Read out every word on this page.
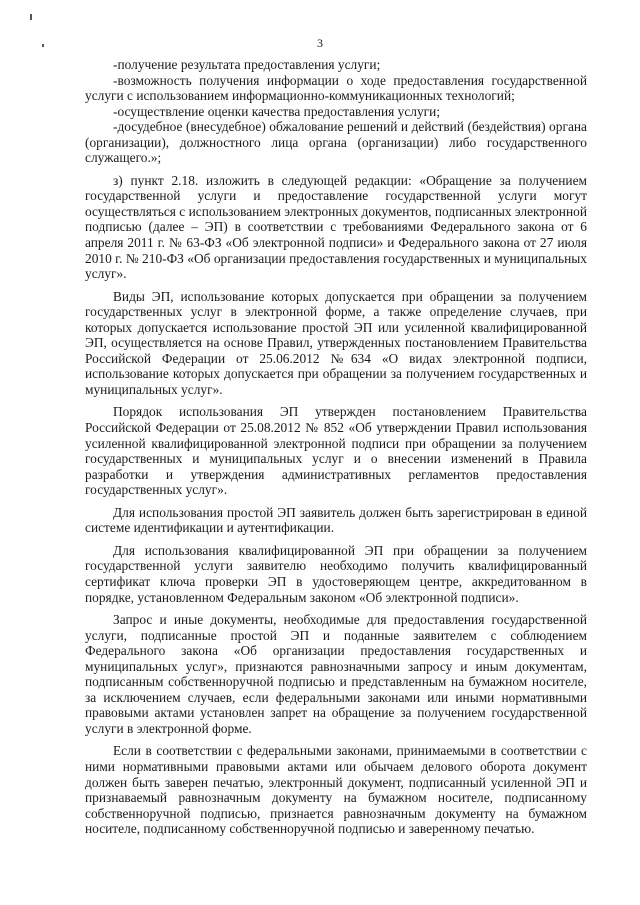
3

-получение результата предоставления услуги;

-возможность получения информации о ходе предоставления государственной услуги с использованием информационно-коммуникационных технологий;

-осуществление оценки качества предоставления услуги;

-досудебное (внесудебное) обжалование решений и действий (бездействия) органа (организации), должностного лица органа (организации) либо государственного служащего.»;

з) пункт 2.18. изложить в следующей редакции: «Обращение за получением государственной услуги и предоставление государственной услуги могут осуществляться с использованием электронных документов, подписанных электронной подписью (далее – ЭП) в соответствии с требованиями Федерального закона от 6 апреля 2011 г. № 63-ФЗ «Об электронной подписи» и Федерального закона от 27 июля 2010 г. № 210-ФЗ «Об организации предоставления государственных и муниципальных услуг».

Виды ЭП, использование которых допускается при обращении за получением государственных услуг в электронной форме, а также определение случаев, при которых допускается использование простой ЭП или усиленной квалифицированной ЭП, осуществляется на основе Правил, утвержденных постановлением Правительства Российской Федерации от 25.06.2012 №634 «О видах электронной подписи, использование которых допускается при обращении за получением государственных и муниципальных услуг».

Порядок использования ЭП утвержден постановлением Правительства Российской Федерации от 25.08.2012 № 852 «Об утверждении Правил использования усиленной квалифицированной электронной подписи при обращении за получением государственных и муниципальных услуг и о внесении изменений в Правила разработки и утверждения административных регламентов предоставления государственных услуг».

Для использования простой ЭП заявитель должен быть зарегистрирован в единой системе идентификации и аутентификации.

Для использования квалифицированной ЭП при обращении за получением государственной услуги заявителю необходимо получить квалифицированный сертификат ключа проверки ЭП в удостоверяющем центре, аккредитованном в порядке, установленном Федеральным законом «Об электронной подписи».

Запрос и иные документы, необходимые для предоставления государственной услуги, подписанные простой ЭП и поданные заявителем с соблюдением Федерального закона «Об организации предоставления государственных и муниципальных услуг», признаются равнозначными запросу и иным документам, подписанным собственноручной подписью и представленным на бумажном носителе, за исключением случаев, если федеральными законами или иными нормативными правовыми актами установлен запрет на обращение за получением государственной услуги в электронной форме.

Если в соответствии с федеральными законами, принимаемыми в соответствии с ними нормативными правовыми актами или обычаем делового оборота документ должен быть заверен печатью, электронный документ, подписанный усиленной ЭП и признаваемый равнозначным документу на бумажном носителе, подписанному собственноручной подписью, признается равнозначным документу на бумажном носителе, подписанному собственноручной подписью и заверенному печатью.
